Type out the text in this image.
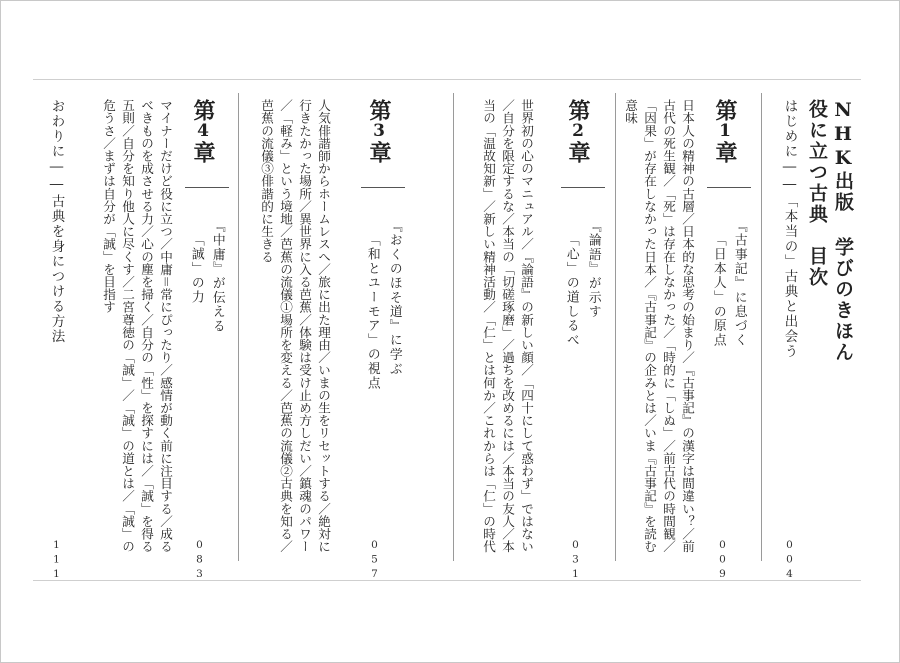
NHK出版 学びのきほん
役に立つ古典　目次
はじめに――「本当の」古典と出会う
004
第1章
『古事記』に息づく
「日本人」の原点
009
日本人の精神の古層／日本的な思考の始まり／『古事記』の漢字は間違い？／前古代の死生観／「死」は存在しなかった／「時的に「しぬ」／前古代の時間観／「因果」が存在しなかった日本／『古事記』の企みとは／いま『古事記』を読む意味
第2章
『論語』が示す
「心」の道しるべ
031
世界初の心のマニュアル／『論語』の新しい顔／「四十にして惑わず」ではない／自分を限定するな／本当の「切磋琢磨」／過ちを改めるには／本当の友人／本当の「温故知新」／新しい精神活動／「仁」とは何か／これからは「仁」の時代
第3章
『おくのほそ道』に学ぶ
「和とユーモア」の視点
057
人気俳諧師からホームレスへ／旅に出た理由／いまの生をリセットする／絶対に行きたかった場所／異世界に入る芭蕉／体験は受け止め方しだい／鎮魂のパワー／「軽み」という境地／芭蕉の流儀①場所を変える／芭蕉の流儀②古典を知る／芭蕉の流儀③俳諧的に生きる
第4章
『中庸』が伝える
「誠」の力
083
マイナーだけど役に立つ／中庸＝常にぴったり／感情が動く前に注目する／成るべきものを成させる力／心の塵を掃く／自分の「性」を探すには／「誠」を得る五則／自分を知り他人に尽くす／二宮尊徳の「誠」／「誠」の道とは／「誠」の危うさ／まずは自分が「誠」を目指す
おわりに――古典を身につける方法
111
